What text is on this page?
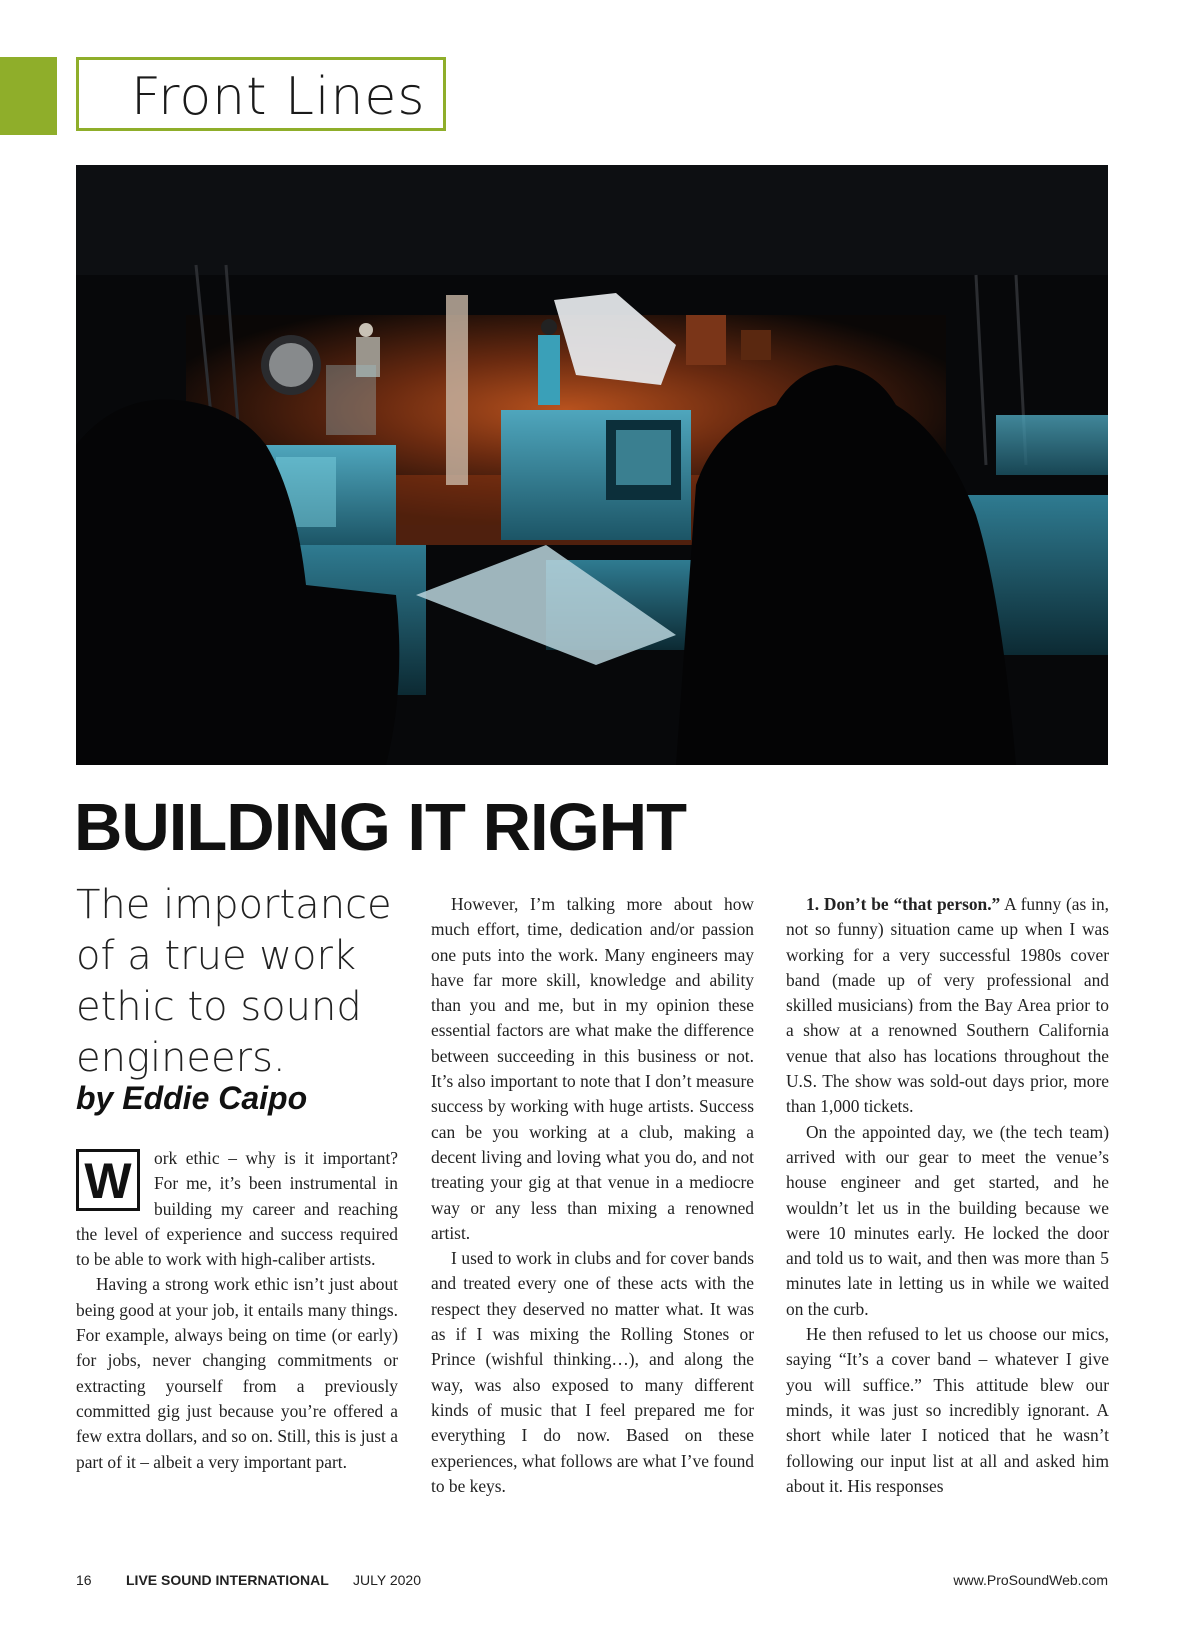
Front Lines
BUILDING IT RIGHT
The importance of a true work ethic to sound engineers.
by Eddie Caipo

W	ork ethic – why is it important? For me, it’s been instrumental in building my career and reaching the level of experience and success required to be able to work with high-caliber artists.

Having a strong work ethic isn’t just about being good at your job, it entails many things. For example, always being on time (or early) for jobs, never changing commitments or extracting yourself from a previously committed gig just because you’re offered a few extra dollars, and so on. Still, this is just a part of it – albeit a very important part.

However, I’m talking more about how much effort, time, dedication and/or passion one puts into the work. Many engineers may have far more skill, knowledge and ability than you and me, but in my opinion these essential factors are what make the difference between succeeding in this business or not. It’s also important to note that I don’t measure success by working with huge artists. Success can be you working at a club, making a decent living and loving what you do, and not treating your gig at that venue in a mediocre way or any less than mixing a renowned artist.

I used to work in clubs and for cover bands and treated every one of these acts with the respect they deserved no matter what. It was as if I was mixing the Rolling Stones or Prince (wishful thinking…), and along the way, was also exposed to many different kinds of music that I feel prepared me for everything I do now. Based on these experiences, what follows are what I’ve found to be keys.

1. Don’t be “that person.” A funny (as in, not so funny) situation came up when I was working for a very successful 1980s cover band (made up of very professional and skilled musicians) from the Bay Area prior to a show at a renowned Southern California venue that also has locations throughout the U.S. The show was sold-out days prior, more than 1,000 tickets.

On the appointed day, we (the tech team) arrived with our gear to meet the venue’s house engineer and get started, and he wouldn’t let us in the building because we were 10 minutes early. He locked the door and told us to wait, and then was more than 5 minutes late in letting us in while we waited on the curb.

He then refused to let us choose our mics, saying “It’s a cover band – whatever I give you will suffice.” This attitude blew our minds, it was just so incredibly ignorant. A short while later I noticed that he wasn’t following our input list at all and asked him about it. His responses

16 LIVE SOUND INTERNATIONAL JULY 2020	www.ProSoundWeb.com
